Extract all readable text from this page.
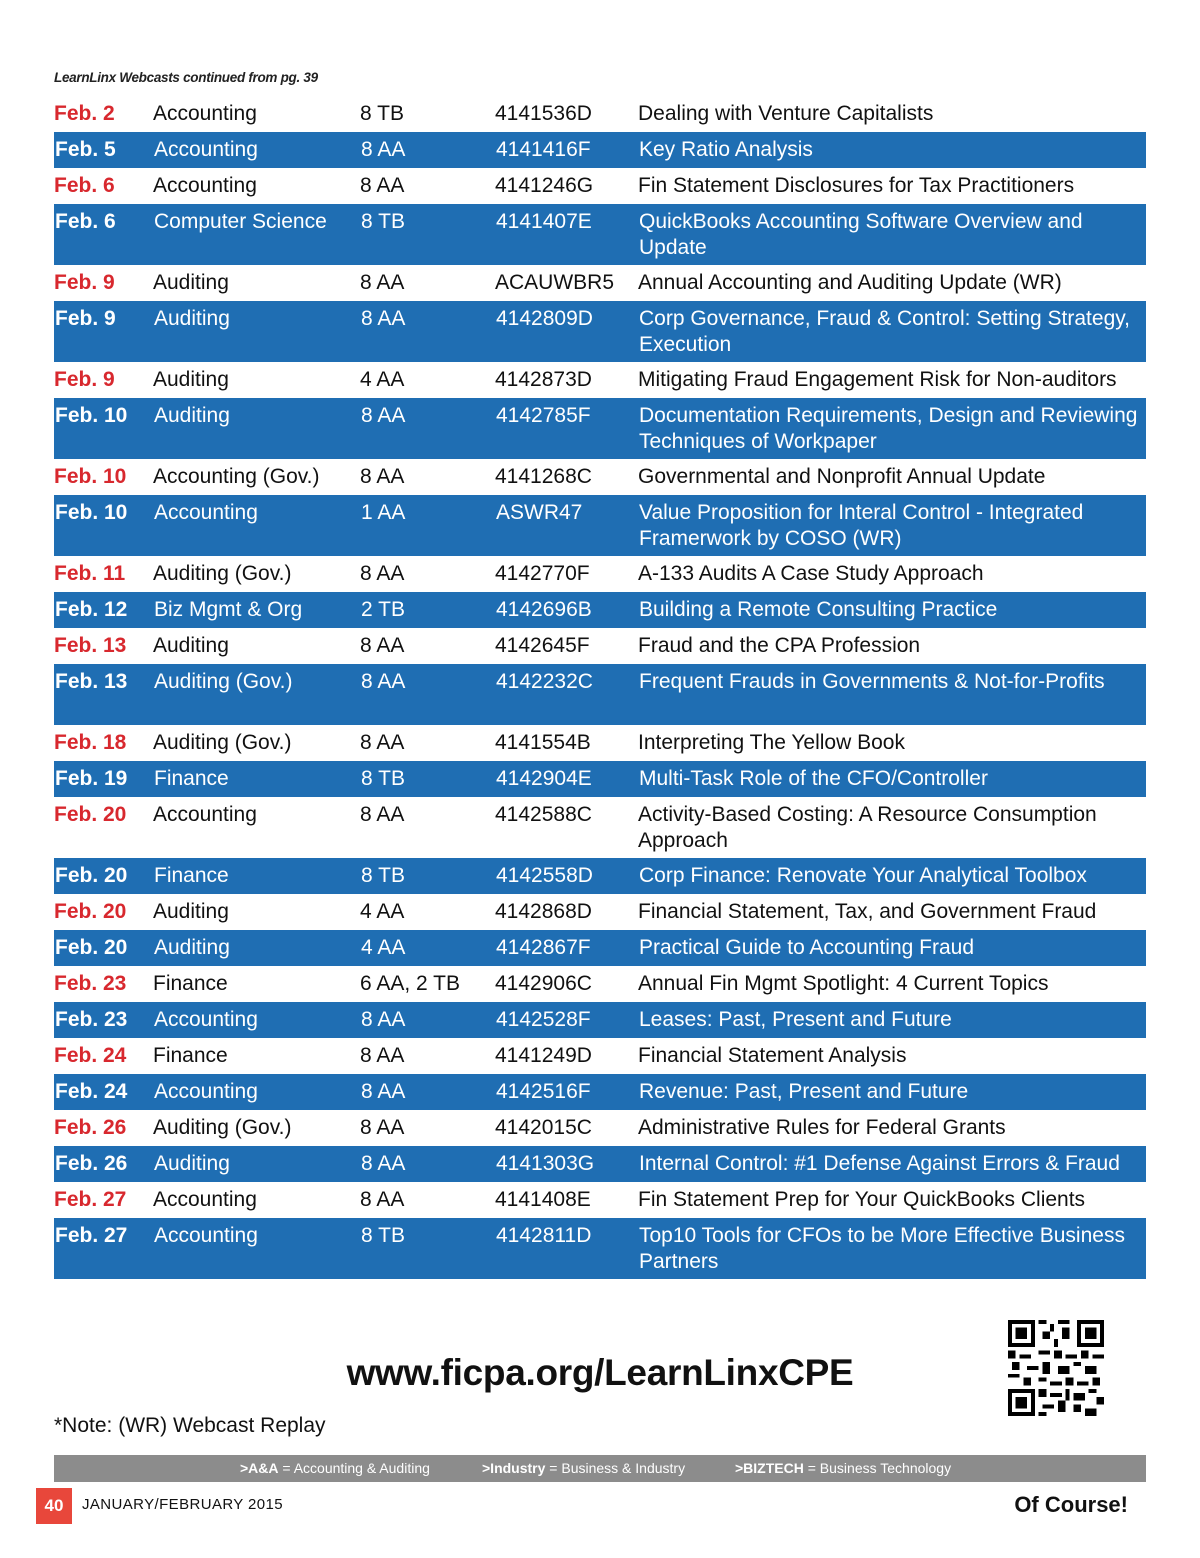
LearnLinx Webcasts continued from pg. 39
Feb. 2	Accounting	8 TB	4141536D	Dealing with Venture Capitalists
Feb. 5	Accounting	8 AA	4141416F	Key Ratio Analysis
Feb. 6	Accounting	8 AA	4141246G	Fin Statement Disclosures for Tax Practitioners
Feb. 6	Computer Science	8 TB	4141407E	QuickBooks Accounting Software Overview and Update
Feb. 9	Auditing	8 AA	ACAUWBR5	Annual Accounting and Auditing Update (WR)
Feb. 9	Auditing	8 AA	4142809D	Corp Governance, Fraud & Control: Setting Strategy, Execution
Feb. 9	Auditing	4 AA	4142873D	Mitigating Fraud Engagement Risk for Non-auditors
Feb. 10	Auditing	8 AA	4142785F	Documentation Requirements, Design and Reviewing Techniques of Workpaper
Feb. 10	Accounting (Gov.)	8 AA	4141268C	Governmental and Nonprofit Annual Update
Feb. 10	Accounting	1 AA	ASWR47	Value Proposition for Interal Control - Integrated Framerwork by COSO (WR)
Feb. 11	Auditing (Gov.)	8 AA	4142770F	A-133 Audits A Case Study Approach
Feb. 12	Biz Mgmt & Org	2 TB	4142696B	Building a Remote Consulting Practice
Feb. 13	Auditing	8 AA	4142645F	Fraud and the CPA Profession
Feb. 13	Auditing (Gov.)	8 AA	4142232C	Frequent Frauds in Governments & Not-for-Profits
Feb. 18	Auditing (Gov.)	8 AA	4141554B	Interpreting The Yellow Book
Feb. 19	Finance	8 TB	4142904E	Multi-Task Role of the CFO/Controller
Feb. 20	Accounting	8 AA	4142588C	Activity-Based Costing: A Resource Consumption Approach
Feb. 20	Finance	8 TB	4142558D	Corp Finance: Renovate Your Analytical Toolbox
Feb. 20	Auditing	4 AA	4142868D	Financial Statement, Tax, and Government Fraud
Feb. 20	Auditing	4 AA	4142867F	Practical Guide to Accounting Fraud
Feb. 23	Finance	6 AA, 2 TB	4142906C	Annual Fin Mgmt Spotlight: 4 Current Topics
Feb. 23	Accounting	8 AA	4142528F	Leases: Past, Present and Future
Feb. 24	Finance	8 AA	4141249D	Financial Statement Analysis
Feb. 24	Accounting	8 AA	4142516F	Revenue: Past, Present and Future
Feb. 26	Auditing (Gov.)	8 AA	4142015C	Administrative Rules for Federal Grants
Feb. 26	Auditing	8 AA	4141303G	Internal Control: #1 Defense Against Errors & Fraud
Feb. 27	Accounting	8 AA	4141408E	Fin Statement Prep for Your QuickBooks Clients
Feb. 27	Accounting	8 TB	4142811D	Top10 Tools for CFOs to be More Effective Business Partners
www.ficpa.org/LearnLinxCPE
*Note: (WR) Webcast Replay
>A&A = Accounting & Auditing	>Industry = Business & Industry	>BIZTECH = Business Technology
40	JANUARY/FEBRUARY 2015	Of Course!
